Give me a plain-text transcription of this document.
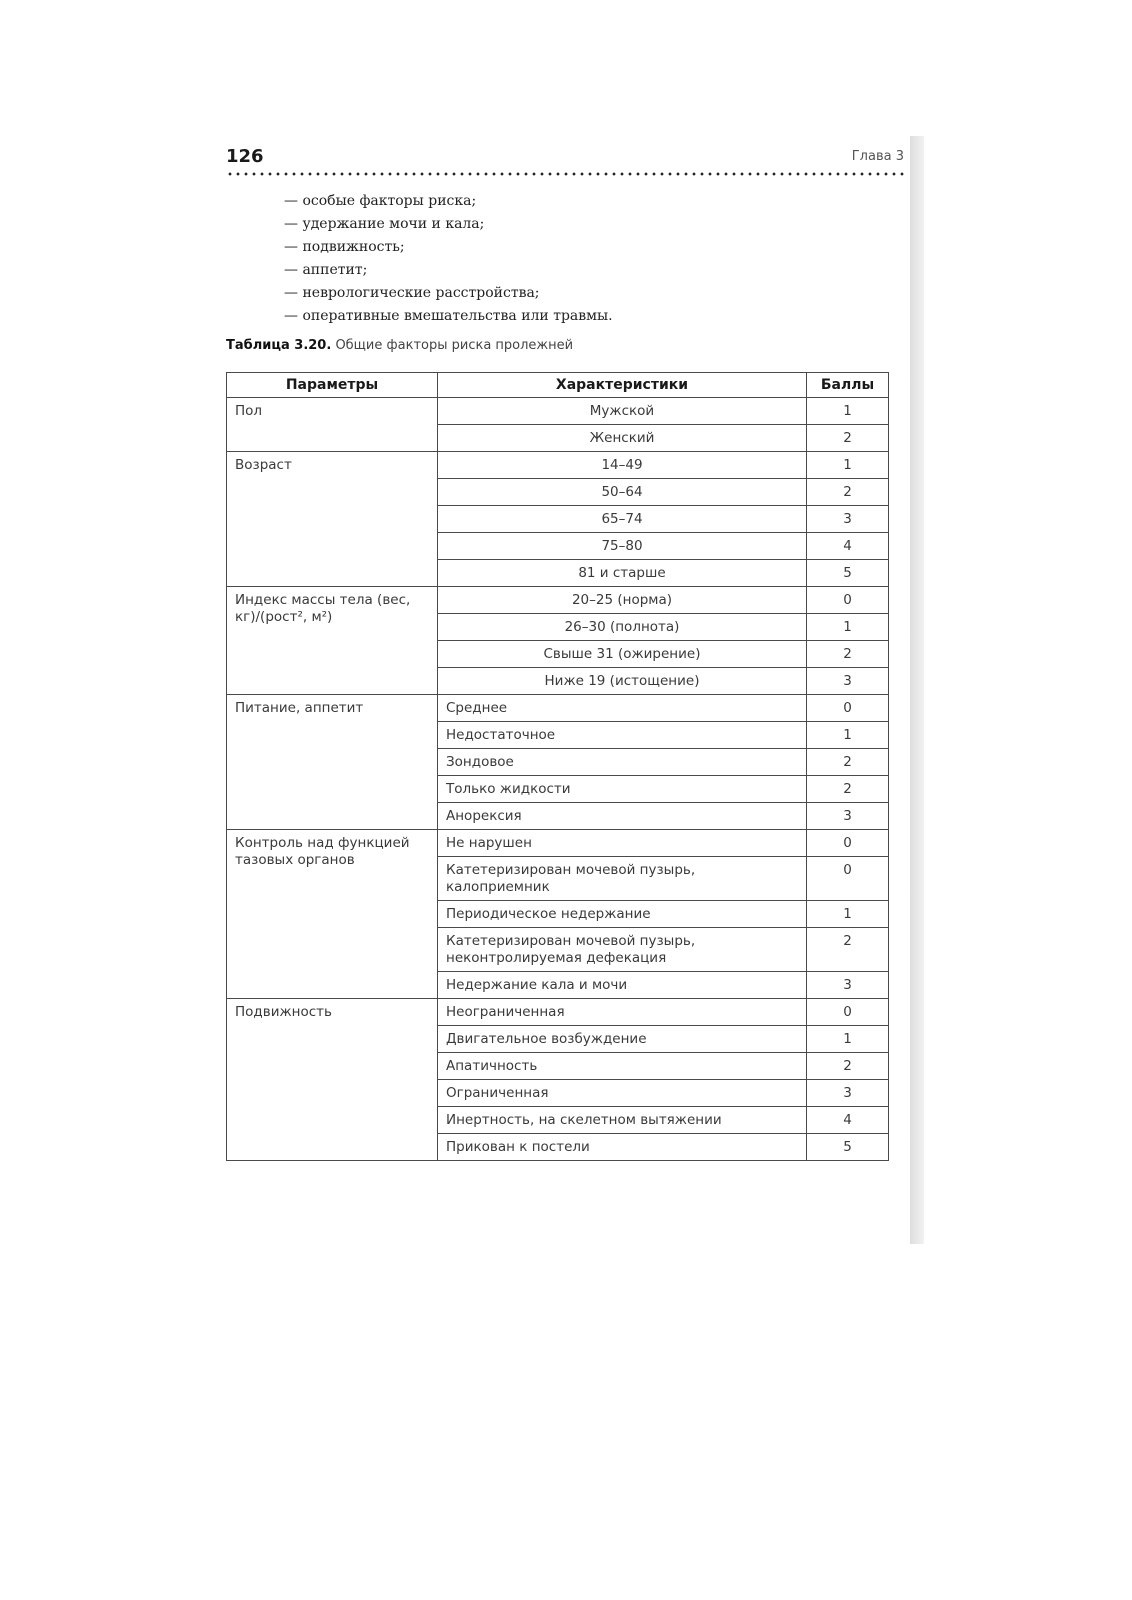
126	Глава 3
— особые факторы риска;
— удержание мочи и кала;
— подвижность;
— аппетит;
— неврологические расстройства;
— оперативные вмешательства или травмы.
Таблица 3.20. Общие факторы риска пролежней
Параметры	Характеристики	Баллы
Пол	Мужской	1
	Женский	2
Возраст	14–49	1
	50–64	2
	65–74	3
	75–80	4
	81 и старше	5
Индекс массы тела (вес, кг)/(рост², м²)	20–25 (норма)	0
	26–30 (полнота)	1
	Свыше 31 (ожирение)	2
	Ниже 19 (истощение)	3
Питание, аппетит	Среднее	0
	Недостаточное	1
	Зондовое	2
	Только жидкости	2
	Анорексия	3
Контроль над функцией тазовых органов	Не нарушен	0
	Катетеризирован мочевой пузырь, калоприемник	0
	Периодическое недержание	1
	Катетеризирован мочевой пузырь, неконтролируемая дефекация	2
	Недержание кала и мочи	3
Подвижность	Неограниченная	0
	Двигательное возбуждение	1
	Апатичность	2
	Ограниченная	3
	Инертность, на скелетном вытяжении	4
	Прикован к постели	5
